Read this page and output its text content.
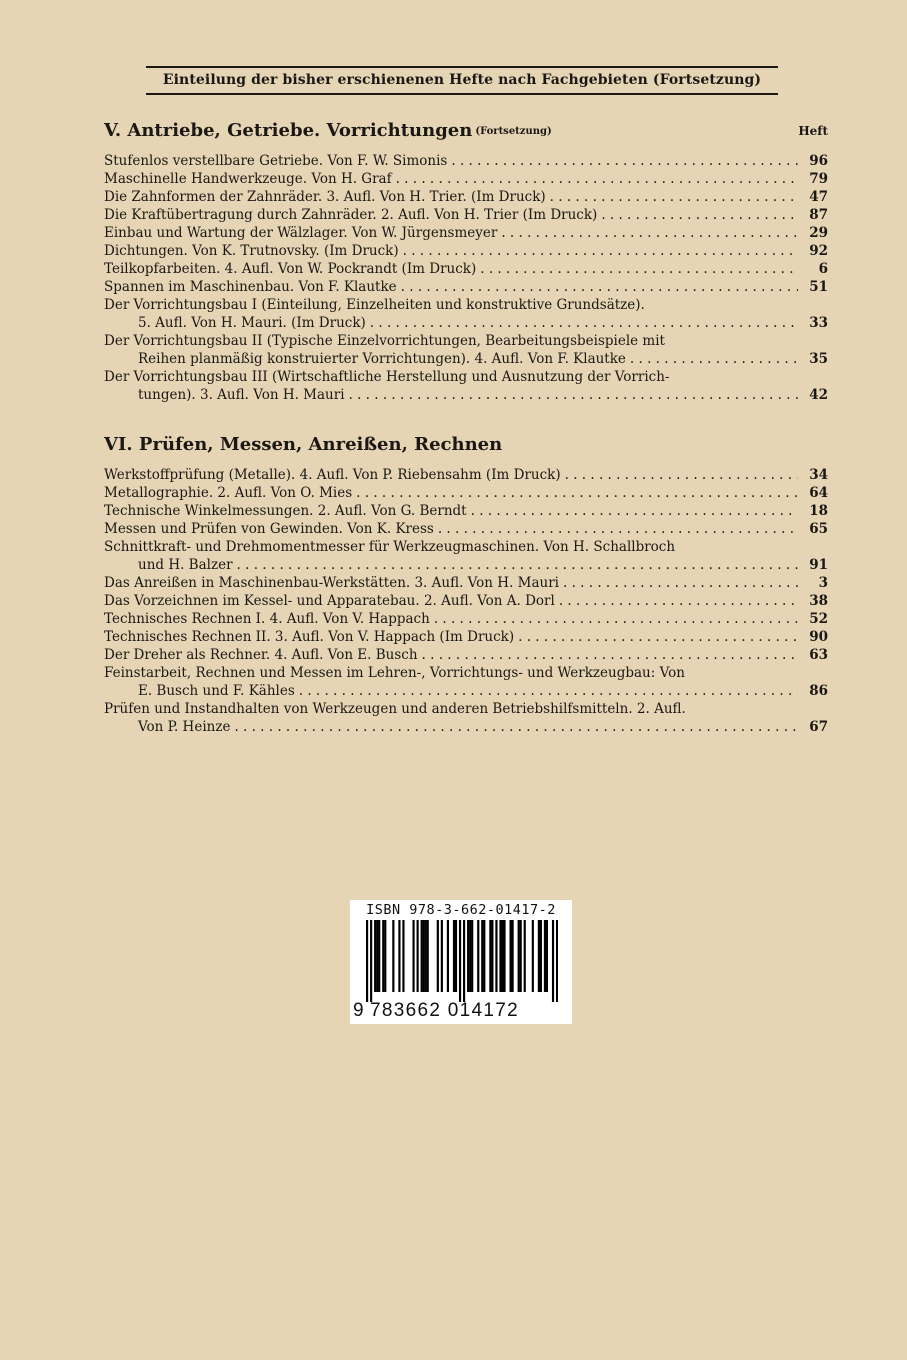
Einteilung der bisher erschienenen Hefte nach Fachgebieten (Fortsetzung)
V. Antriebe, Getriebe. Vorrichtungen $^{(Fortsetzung)}$	Heft
Stufenlos verstellbare Getriebe. Von F. W. Simonis . . .	96
Maschinelle Handwerkzeuge. Von H. Graf . . .	79
Die Zahnformen der Zahnräder. 3. Aufl. Von H. Trier. (Im Druck) . . .	47
Die Kraftübertragung durch Zahnräder. 2. Aufl. Von H. Trier (Im Druck) . . .	87
Einbau und Wartung der Wälzlager. Von W. Jürgensmeyer . . .	29
Dichtungen. Von K. Trutnovsky. (Im Druck) . . .	92
Teilkopfarbeiten. 4. Aufl. Von W. Pockrandt (Im Druck) . . .	6
Spannen im Maschinenbau. Von F. Klautke . . .	51
Der Vorrichtungsbau I (Einteilung, Einzelheiten und konstruktive Grundsätze).
5. Aufl. Von H. Mauri. (Im Druck) . . .	33
Der Vorrichtungsbau II (Typische Einzelvorrichtungen, Bearbeitungsbeispiele mit
Reihen planmäßig konstruierter Vorrichtungen). 4. Aufl. Von F. Klautke . . .	35
Der Vorrichtungsbau III (Wirtschaftliche Herstellung und Ausnutzung der Vorrich-
tungen). 3. Aufl. Von H. Mauri . . .	42
VI. Prüfen, Messen, Anreißen, Rechnen
Werkstoffprüfung (Metalle). 4. Aufl. Von P. Riebensahm (Im Druck) . . .	34
Metallographie. 2. Aufl. Von O. Mies . . .	64
Technische Winkelmessungen. 2. Aufl. Von G. Berndt . . .	18
Messen und Prüfen von Gewinden. Von K. Kress . . .	65
Schnittkraft- und Drehmomentmesser für Werkzeugmaschinen. Von H. Schallbroch
und H. Balzer . . .	91
Das Anreißen in Maschinenbau-Werkstätten. 3. Aufl. Von H. Mauri . . .	3
Das Vorzeichnen im Kessel- und Apparatebau. 2. Aufl. Von A. Dorl . . .	38
Technisches Rechnen I. 4. Aufl. Von V. Happach . . .	52
Technisches Rechnen II. 3. Aufl. Von V. Happach (Im Druck) . . .	90
Der Dreher als Rechner. 4. Aufl. Von E. Busch . . .	63
Feinstarbeit, Rechnen und Messen im Lehren-, Vorrichtungs- und Werkzeugbau: Von
E. Busch und F. Kähles . . .	86
Prüfen und Instandhalten von Werkzeugen und anderen Betriebshilfsmitteln. 2. Aufl.
Von P. Heinze . . .	67
ISBN 978-3-662-01417-2
9 783662 014172
